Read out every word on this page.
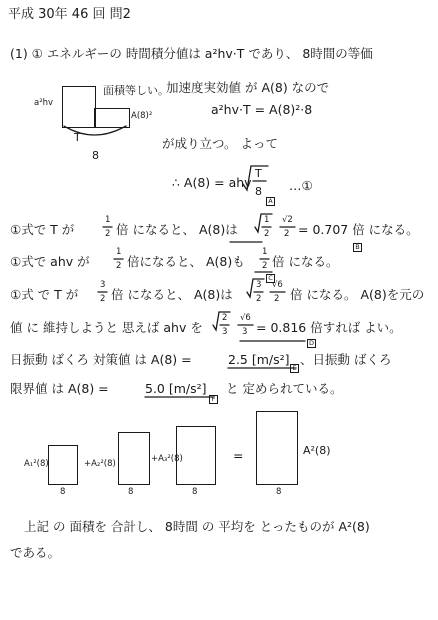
平成 30年 46 回 問2
(1) ① エネルギーの 時間積分値は a²hv·T であり、 8時間の等価
a²hv
A(8)²
T
8
面積等しい。
加速度実効値 が A(8) なので
a²hv·T = A(8)²·8
が成り立つ。 よって
∴ A(8) = ahv
T
8
A
…①
①式で T が
1
2 倍 になると、 A(8)は
1
2
√2
2 = 0.707 倍 になる。
B
①式で ahv が
1
2 倍になると、 A(8)も
1
2
C
倍 になる。
①式 で T が
3
2 倍 になると、 A(8)は
3
2
√6
2 倍 になる。 A(8)を元の
値 に 維持しようと 思えば ahv を
2
3
√6
3 = 0.816 倍すれば よい。
D
日振動 ばくろ 対策値 は A(8) =	2.5 [m/s²] 、日振動 ばくろ
E
限界値 は A(8) =	5.0 [m/s²] と 定められている。
F
A₁²(8)
8
+A₂²(8)
8
+A₃²(8)
8
=	A²(8)
8
上記 の 面積を 合計し、 8時間 の 平均を とったものが A²(8)
である。
